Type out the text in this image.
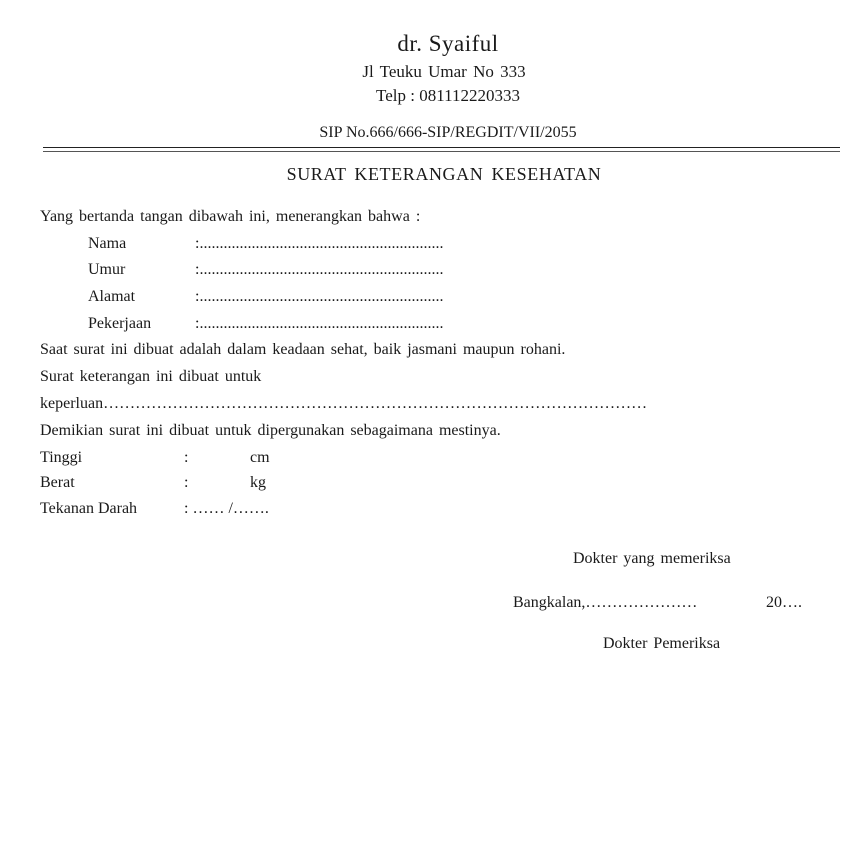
dr. Syaiful
Jl Teuku Umar No 333
Telp : 081112220333
SIP No.666/666-SIP/REGDIT/VII/2055
SURAT KETERANGAN KESEHATAN
Yang bertanda tangan dibawah ini, menerangkan bahwa :
Nama	:.............................................................
Umur	:.............................................................
Alamat	:.............................................................
Pekerjaan	:.............................................................
Saat surat ini dibuat adalah dalam keadaan sehat, baik jasmani maupun rohani.
Surat keterangan ini dibuat untuk
keperluan…………………………………………………………………………………………
Demikian surat ini dibuat untuk dipergunakan sebagaimana mestinya.
Tinggi	:	cm
Berat	:	kg
Tekanan Darah	: …… /…….
Dokter yang memeriksa
Bangkalan,…………………	20….
Dokter Pemeriksa
